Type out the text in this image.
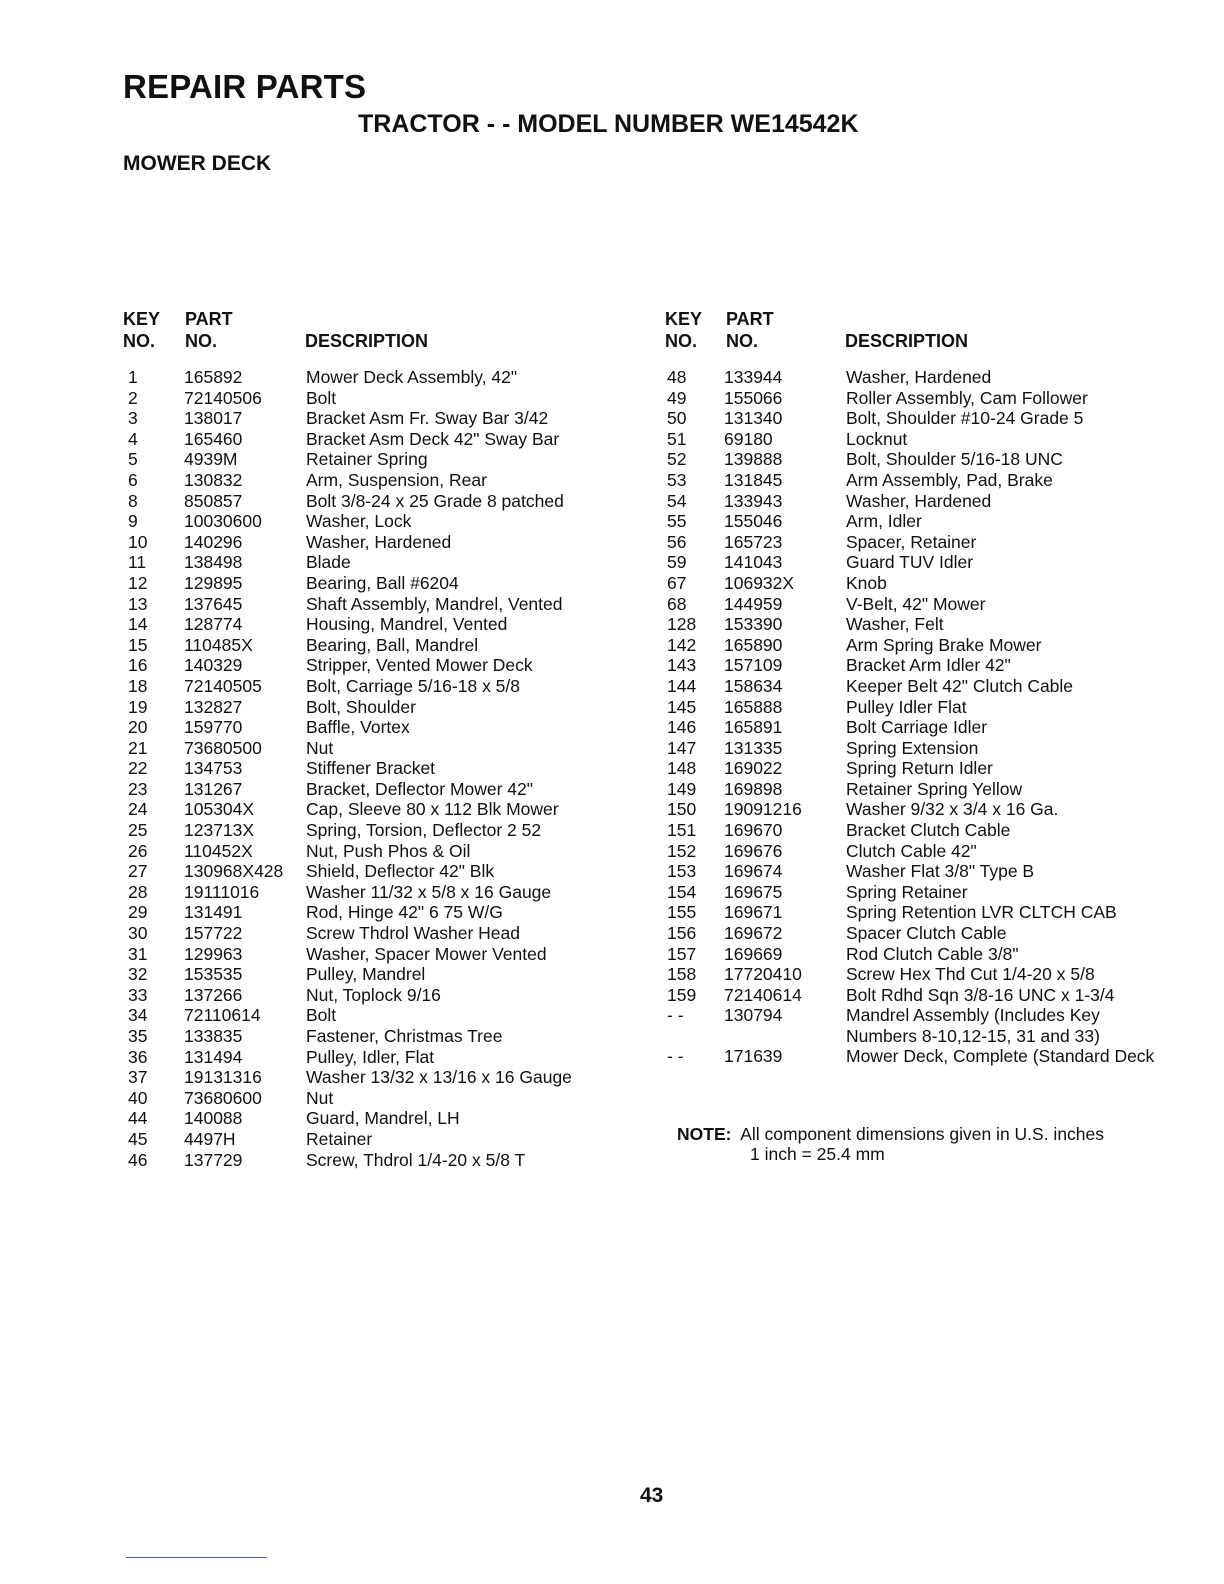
REPAIR PARTS
TRACTOR - - MODEL NUMBER WE14542K
MOWER DECK
KEY
NO.
PART
NO.	DESCRIPTION
KEY
NO.
PART
NO.	DESCRIPTION
1	165892	Mower Deck Assembly, 42"
2	72140506	Bolt
3	138017	Bracket Asm Fr. Sway Bar 3/42
4	165460	Bracket Asm Deck 42" Sway Bar
5	4939M	Retainer Spring
6	130832	Arm, Suspension, Rear
8	850857	Bolt 3/8-24 x 25 Grade 8 patched
9	10030600	Washer, Lock
10 140296	Washer, Hardened
11 138498	Blade
12 129895	Bearing, Ball #6204
13 137645	Shaft Assembly, Mandrel, Vented
14 128774	Housing, Mandrel, Vented
15 110485X	Bearing, Ball, Mandrel
16 140329	Stripper, Vented Mower Deck
18 72140505	Bolt, Carriage 5/16-18 x 5/8
19 132827	Bolt, Shoulder
20 159770	Baffle, Vortex
21 73680500	Nut
22 134753	Stiffener Bracket
23 131267	Bracket, Deflector Mower 42"
24 105304X	Cap, Sleeve 80 x 112 Blk Mower
25 123713X	Spring, Torsion, Deflector 2 52
26 110452X	Nut, Push Phos & Oil
27 130968X428 Shield, Deflector 42" Blk
28 19111016	Washer 11/32 x 5/8 x 16 Gauge
29 131491	Rod, Hinge 42" 6 75 W/G
30 157722	Screw Thdrol Washer Head
31 129963	Washer, Spacer Mower Vented
32 153535	Pulley, Mandrel
33 137266	Nut, Toplock 9/16
34 72110614	Bolt
35 133835	Fastener, Christmas Tree
36 131494	Pulley, Idler, Flat
37 19131316	Washer 13/32 x 13/16 x 16 Gauge
40 73680600	Nut
44 140088	Guard, Mandrel, LH
45 4497H	Retainer
46 137729	Screw, Thdrol 1/4-20 x 5/8 T
48 133944	Washer, Hardened
49 155066	Roller Assembly, Cam Follower
50 131340	Bolt, Shoulder #10-24 Grade 5
51 69180	Locknut
52 139888	Bolt, Shoulder 5/16-18 UNC
53 131845	Arm Assembly, Pad, Brake
54 133943	Washer, Hardened
55 155046	Arm, Idler
56 165723	Spacer, Retainer
59 141043	Guard TUV Idler
67 106932X	Knob
68 144959	V-Belt, 42" Mower
128 153390	Washer, Felt
142 165890	Arm Spring Brake Mower
143 157109	Bracket Arm Idler 42"
144 158634	Keeper Belt 42" Clutch Cable
145 165888	Pulley Idler Flat
146 165891	Bolt Carriage Idler
147 131335	Spring Extension
148 169022	Spring Return Idler
149 169898	Retainer Spring Yellow
150 19091216	Washer 9/32 x 3/4 x 16 Ga.
151 169670	Bracket Clutch Cable
152 169676	Clutch Cable 42"
153 169674	Washer Flat 3/8" Type B
154 169675	Spring Retainer
155 169671	Spring Retention LVR CLTCH CAB
156 169672	Spacer Clutch Cable
157 169669	Rod Clutch Cable 3/8"
158 17720410	Screw Hex Thd Cut 1/4-20 x 5/8
159 72140614	Bolt Rdhd Sqn 3/8-16 UNC x 1-3/4
- - 130794	Mandrel Assembly (Includes Key Numbers 8-10,12-15, 31 and 33)
- - 171639	Mower Deck, Complete (Standard Deck
NOTE: All component dimensions given in U.S. inches
1 inch = 25.4 mm
43
